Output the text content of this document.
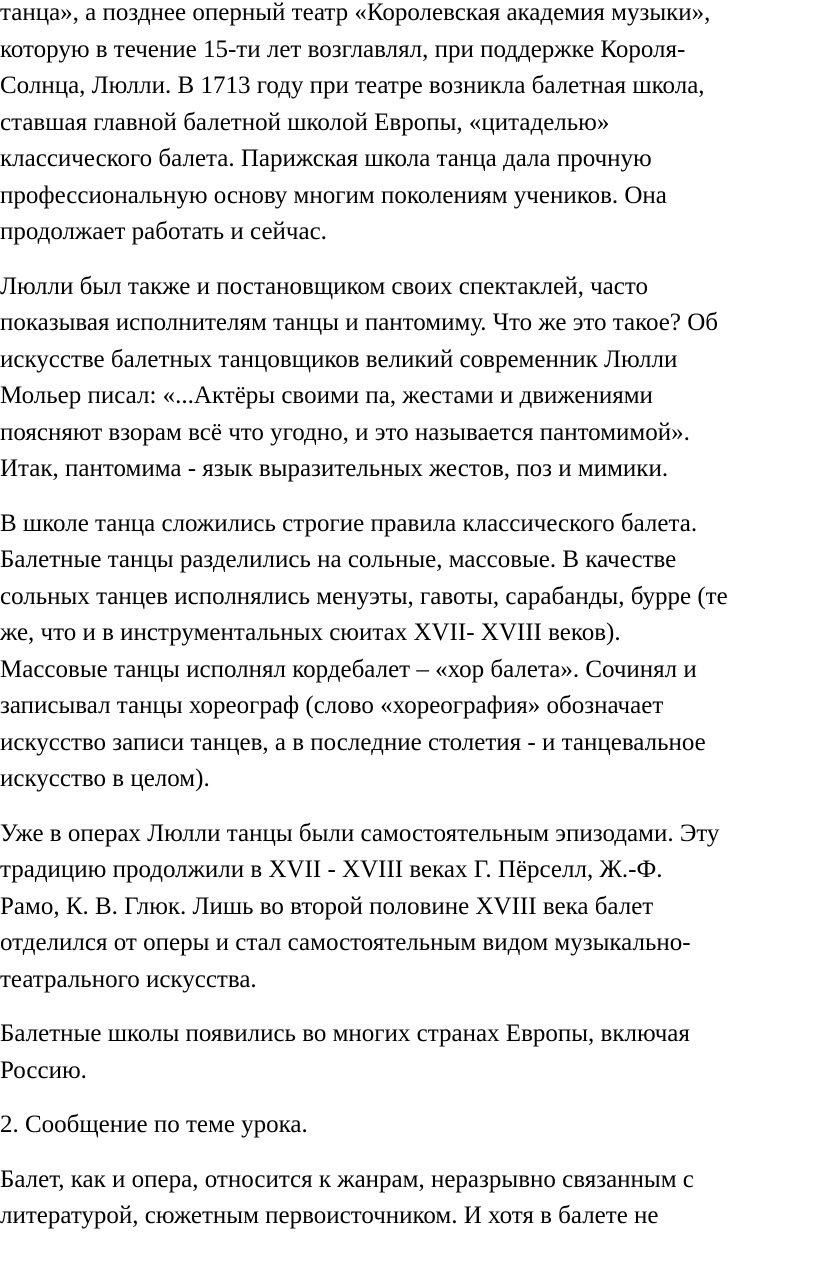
танца», а позднее оперный театр «Королевская академия музыки»,
которую в течение 15-ти лет возглавлял, при поддержке Короля-
Солнца, Люлли. В 1713 году при театре возникла балетная школа,
ставшая главной балетной школой Европы, «цитаделью»
классического балета. Парижская школа танца дала прочную
профессиональную основу многим поколениям учеников. Она
продолжает работать и сейчас.

Люлли был также и постановщиком своих спектаклей, часто
показывая исполнителям танцы и пантомиму. Что же это такое? Об
искусстве балетных танцовщиков великий современник Люлли
Мольер писал: «...Актёры своими па, жестами и движениями
поясняют взорам всё что угодно, и это называется пантомимой».
Итак, пантомима - язык выразительных жестов, поз и мимики.

В школе танца сложились строгие правила классического балета.
Балетные танцы разделились на сольные, массовые. В качестве
сольных танцев исполнялись менуэты, гавоты, сарабанды, бурре (те
же, что и в инструментальных сюитах XVII- XVIII веков).
Массовые танцы исполнял кордебалет – «хор балета». Сочинял и
записывал танцы хореограф (слово «хореография» обозначает
искусство записи танцев, а в последние столетия - и танцевальное
искусство в целом).

Уже в операх Люлли танцы были самостоятельным эпизодами. Эту
традицию продолжили в XVII - XVIII веках Г. Пёрселл, Ж.-Ф.
Рамо, К. В. Глюк. Лишь во второй половине XVIII века балет
отделился от оперы и стал самостоятельным видом музыкально-
театрального искусства.

Балетные школы появились во многих странах Европы, включая
Россию.

2. Сообщение по теме урока.

Балет, как и опера, относится к жанрам, неразрывно связанным с
литературой, сюжетным первоисточником. И хотя в балете не
